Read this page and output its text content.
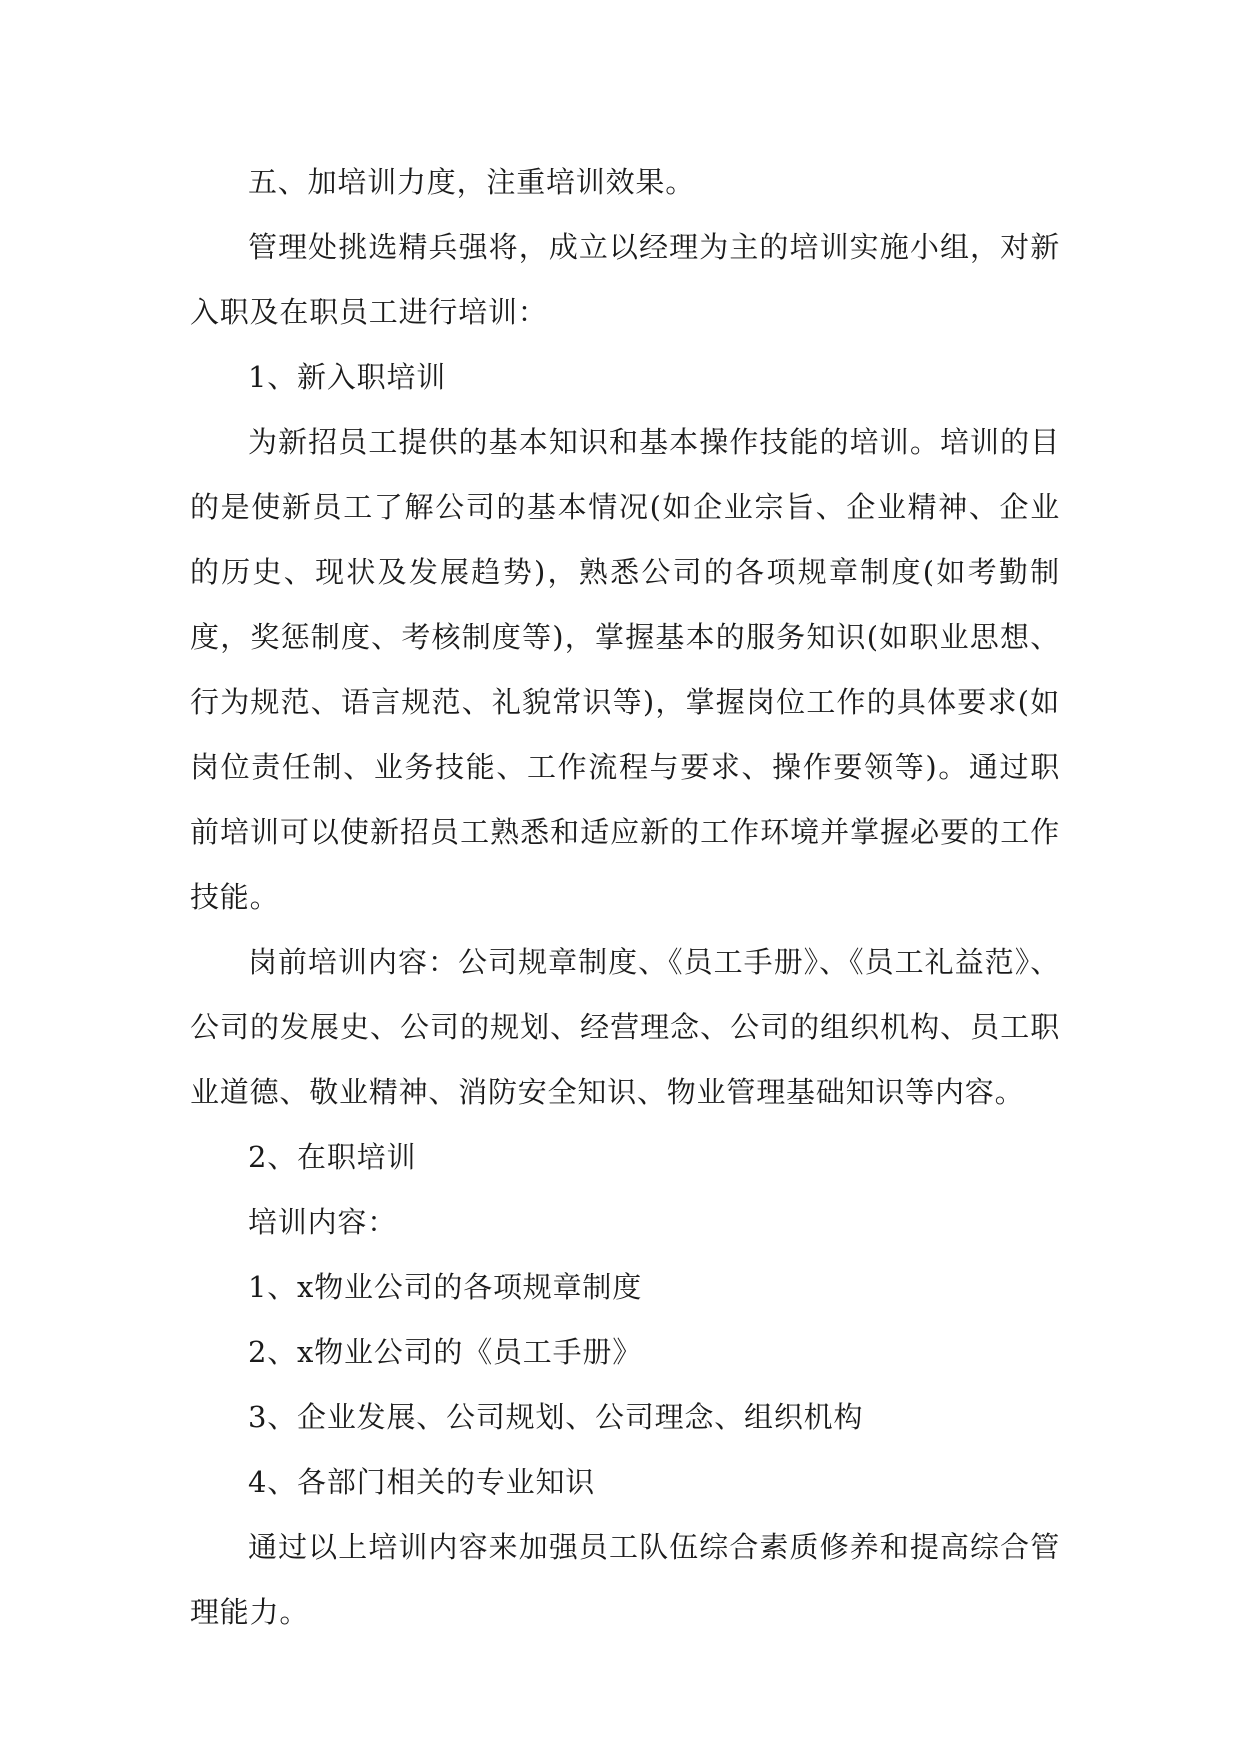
五、加培训力度，注重培训效果。

管理处挑选精兵强将，成立以经理为主的培训实施小组，对新入职及在职员工进行培训：

1、新入职培训

为新招员工提供的基本知识和基本操作技能的培训。培训的目的是使新员工了解公司的基本情况(如企业宗旨、企业精神、企业的历史、现状及发展趋势)，熟悉公司的各项规章制度(如考勤制度，奖惩制度、考核制度等)，掌握基本的服务知识(如职业思想、行为规范、语言规范、礼貌常识等)，掌握岗位工作的具体要求(如岗位责任制、业务技能、工作流程与要求、操作要领等)。通过职前培训可以使新招员工熟悉和适应新的工作环境并掌握必要的工作技能。

岗前培训内容：公司规章制度、《员工手册》、《员工礼益范》、公司的发展史、公司的规划、经营理念、公司的组织机构、员工职业道德、敬业精神、消防安全知识、物业管理基础知识等内容。

2、在职培训

培训内容：

1、x物业公司的各项规章制度

2、x物业公司的《员工手册》

3、企业发展、公司规划、公司理念、组织机构

4、各部门相关的专业知识

通过以上培训内容来加强员工队伍综合素质修养和提高综合管理能力。
